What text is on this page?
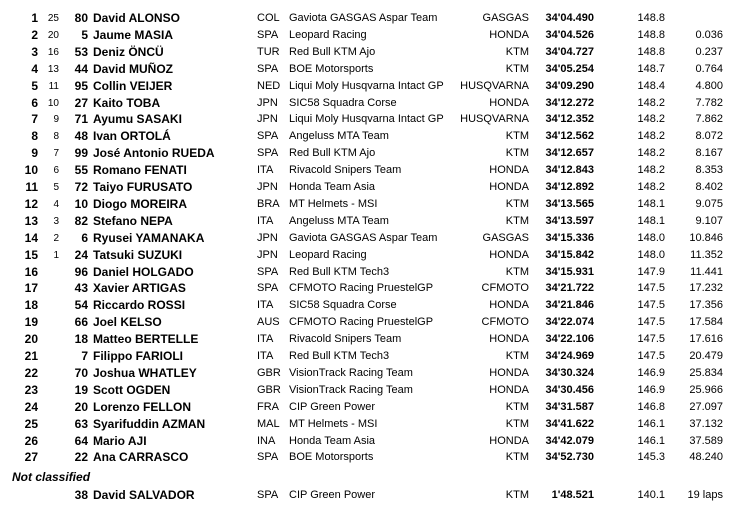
1 25	80 David ALONSO	COL Gaviota GASGAS Aspar Team	GASGAS 34'04.490	148.8
2 20	5 Jaume MASIA	SPA Leopard Racing	HONDA 34'04.526	148.8	0.036
3 16	53 Deniz ÖNCÜ	TUR Red Bull KTM Ajo	KTM 34'04.727	148.8	0.237
4 13	44 David MUÑOZ	SPA BOE Motorsports	KTM 34'05.254	148.7	0.764
5	11	95 Collin VEIJER	NED Liqui Moly Husqvarna Intact GP HUSQVARNA 34'09.290	148.4	4.800
6 10	27 Kaito TOBA	JPN SIC58 Squadra Corse	HONDA 34'12.272	148.2	7.782
7	9	71 Ayumu SASAKI	JPN Liqui Moly Husqvarna Intact GP HUSQVARNA 34'12.352	148.2	7.862
8	8	48 Ivan ORTOLÁ	SPA Angeluss MTA Team	KTM 34'12.562	148.2	8.072
9	7	99 José Antonio RUEDA	SPA Red Bull KTM Ajo	KTM 34'12.657	148.2	8.167
10	6	55 Romano FENATI	ITA Rivacold Snipers Team	HONDA 34'12.843	148.2	8.353
11	5	72 Taiyo FURUSATO	JPN Honda Team Asia	HONDA 34'12.892	148.2	8.402
12	4	10 Diogo MOREIRA	BRA MT Helmets - MSI	KTM 34'13.565	148.1	9.075
13	3	82 Stefano NEPA	ITA Angeluss MTA Team	KTM 34'13.597	148.1	9.107
14	2	6 Ryusei YAMANAKA	JPN Gaviota GASGAS Aspar Team	GASGAS 34'15.336	148.0 10.846
15	1	24 Tatsuki SUZUKI	JPN Leopard Racing	HONDA 34'15.842	148.0 11.352
16	96 Daniel HOLGADO	SPA Red Bull KTM Tech3	KTM 34'15.931	147.9 11.441
17	43 Xavier ARTIGAS	SPA CFMOTO Racing PruestelGP	CFMOTO 34'21.722	147.5 17.232
18	54 Riccardo ROSSI	ITA SIC58 Squadra Corse	HONDA 34'21.846	147.5 17.356
19	66 Joel KELSO	AUS CFMOTO Racing PruestelGP	CFMOTO 34'22.074	147.5 17.584
20	18 Matteo BERTELLE	ITA Rivacold Snipers Team	HONDA 34'22.106	147.5 17.616
21	7 Filippo FARIOLI	ITA Red Bull KTM Tech3	KTM 34'24.969	147.5 20.479
22	70 Joshua WHATLEY	GBR VisionTrack Racing Team	HONDA 34'30.324	146.9 25.834
23	19 Scott OGDEN	GBR VisionTrack Racing Team	HONDA 34'30.456	146.9 25.966
24	20 Lorenzo FELLON	FRA CIP Green Power	KTM 34'31.587	146.8 27.097
25	63 Syarifuddin AZMAN	MAL MT Helmets - MSI	KTM 34'41.622	146.1 37.132
26	64 Mario AJI	INA Honda Team Asia	HONDA 34'42.079	146.1 37.589
27	22 Ana CARRASCO	SPA BOE Motorsports	KTM 34'52.730	145.3 48.240
Not classified
38 David SALVADOR	SPA CIP Green Power	KTM 1'48.521	140.1 19 laps
